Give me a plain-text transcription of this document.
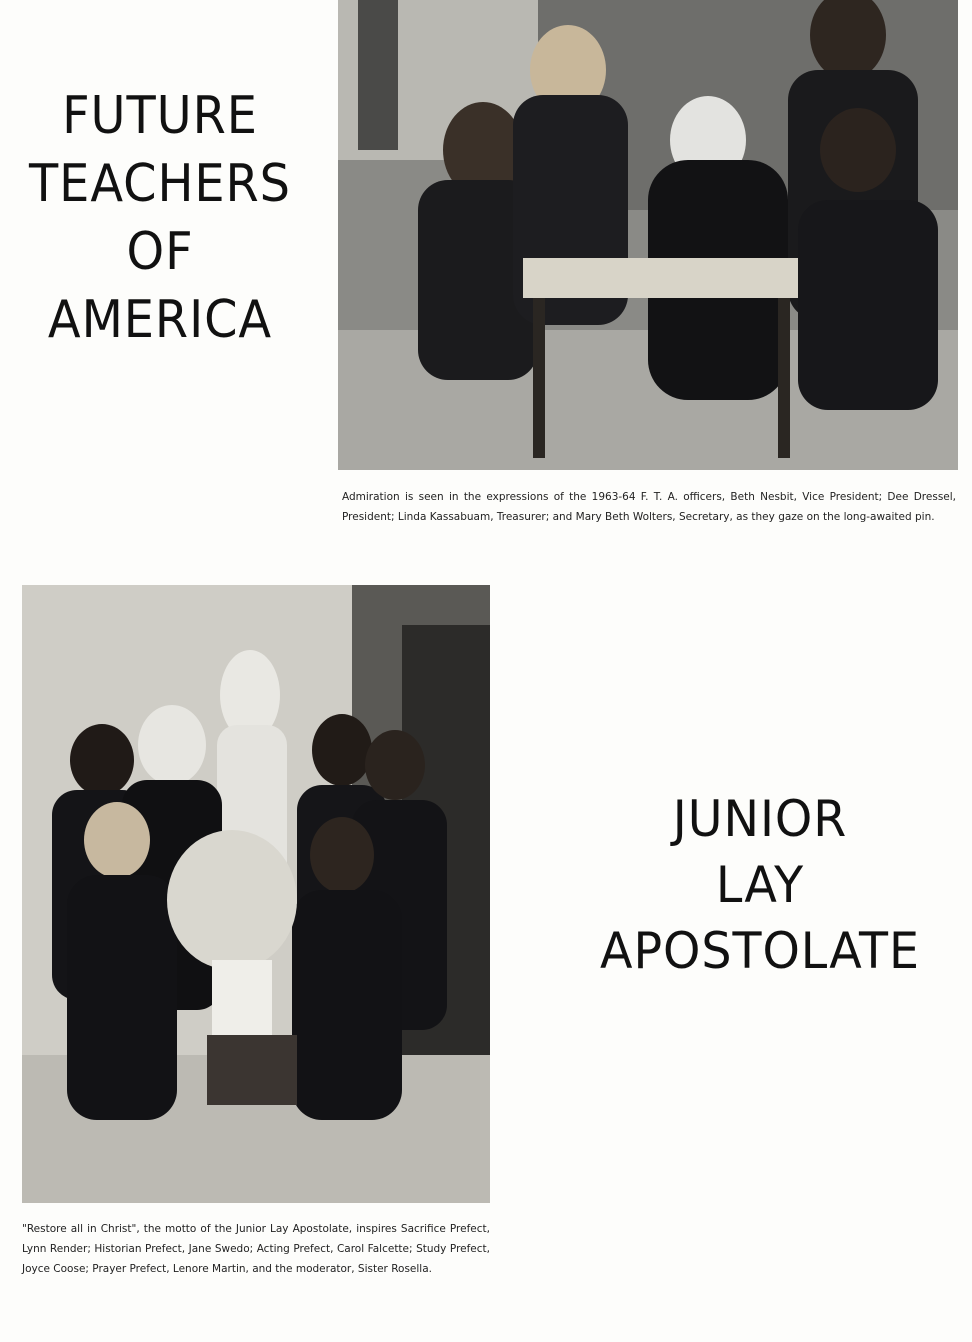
FUTURE
TEACHERS
OF
AMERICA

Admiration is seen in the expressions of the 1963-64 F. T. A. officers, Beth Nesbit, Vice President; Dee Dressel, President; Linda Kassabuam, Treasurer; and Mary Beth Wolters, Secretary, as they gaze on the long-awaited pin.

JUNIOR
LAY
APOSTOLATE

"Restore all in Christ", the motto of the Junior Lay Apostolate, inspires Sacrifice Prefect, Lynn Render; Historian Prefect, Jane Swedo; Acting Prefect, Carol Falcette; Study Prefect, Joyce Coose; Prayer Prefect, Lenore Martin, and the moderator, Sister Rosella.
